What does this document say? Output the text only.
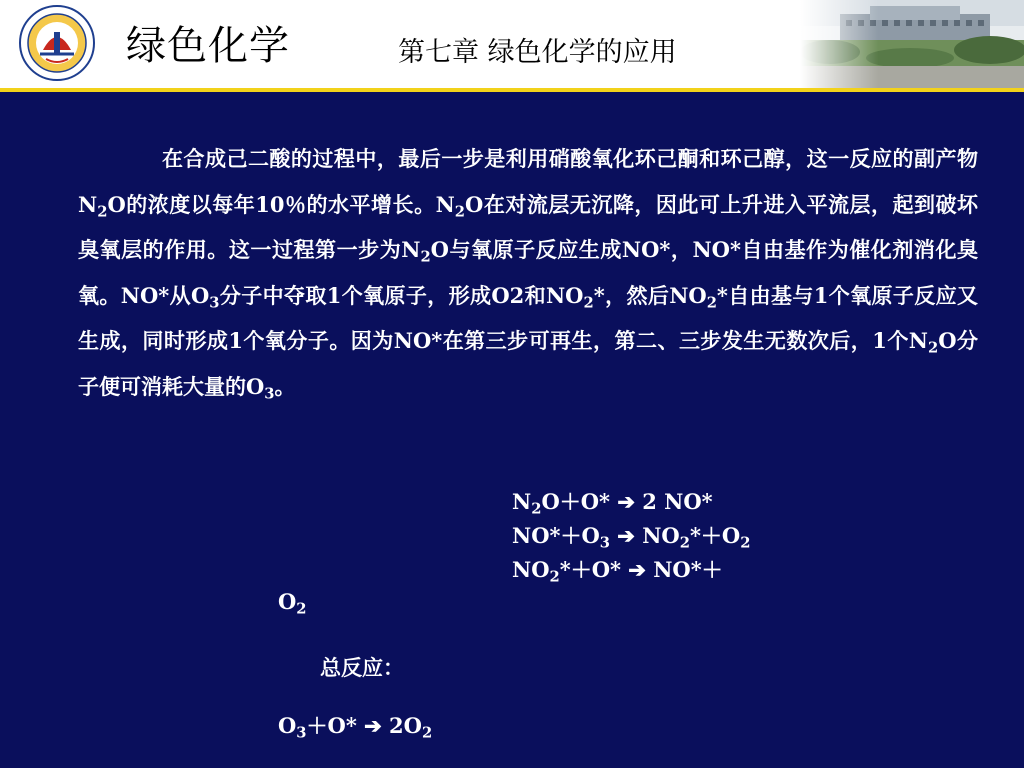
绿色化学	第七章 绿色化学的应用
在合成己二酸的过程中，最后一步是利用硝酸氧化环己酮和环己醇，这一反应的副产物$N_2O$的浓度以每年10％的水平增长。$N_2O$在对流层无沉降，因此可上升进入平流层，起到破坏臭氧层的作用。这一过程第一步为$N_2O$与氧原子反应生成NO*，NO*自由基作为催化剂消化臭氧。NO*从$O_3$分子中夺取1个氧原子，形成O2和$NO_2*$，然后$NO_2*$自由基与1个氧原子反应又生成，同时形成1个氧分子。因为NO*在第三步可再生，第二、三步发生无数次后，1个$N_2O$分子便可消耗大量的$O_3$。
$N_2O+O*$ ➔ 2 NO*
$NO*+O_3$ ➔ $NO_2*+O_2$
$NO_2*+O*$ ➔ NO*＋
$O_2$
总反应：
$O_3+O*$ ➔ $2O_2$
